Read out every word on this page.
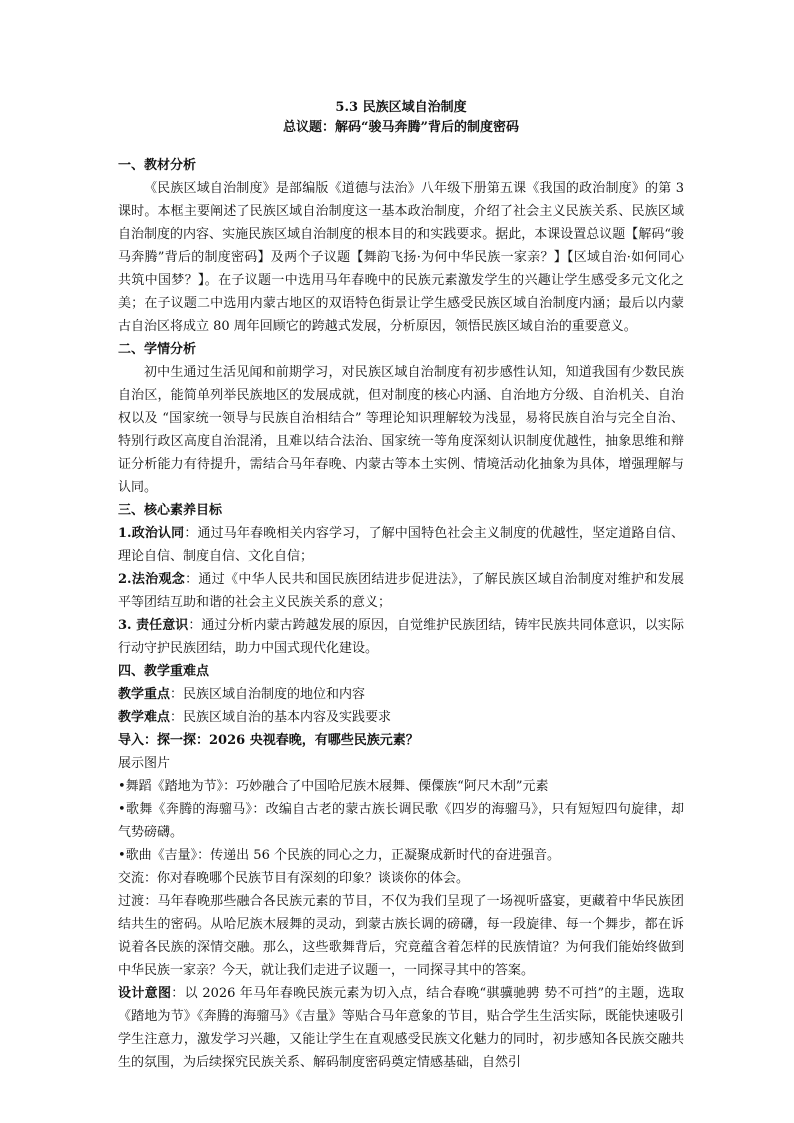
5.3 民族区域自治制度
总议题：解码“骏马奔腾”背后的制度密码
一、教材分析

《民族区域自治制度》是部编版《道德与法治》八年级下册第五课《我国的政治制度》的第 3 课时。本框主要阐述了民族区域自治制度这一基本政治制度，介绍了社会主义民族关系、民族区域自治制度的内容、实施民族区域自治制度的根本目的和实践要求。据此，本课设置总议题【解码“骏马奔腾”背后的制度密码】及两个子议题【舞韵飞扬·为何中华民族一家亲？】【区域自治·如何同心共筑中国梦？】。在子议题一中选用马年春晚中的民族元素激发学生的兴趣让学生感受多元文化之美；在子议题二中选用内蒙古地区的双语特色街景让学生感受民族区域自治制度内涵；最后以内蒙古自治区将成立 80 周年回顾它的跨越式发展，分析原因，领悟民族区域自治的重要意义。

二、学情分析

初中生通过生活见闻和前期学习，对民族区域自治制度有初步感性认知，知道我国有少数民族自治区，能简单列举民族地区的发展成就，但对制度的核心内涵、自治地方分级、自治机关、自治权以及 “国家统一领导与民族自治相结合” 等理论知识理解较为浅显，易将民族自治与完全自治、特别行政区高度自治混淆，且难以结合法治、国家统一等角度深刻认识制度优越性，抽象思维和辩证分析能力有待提升，需结合马年春晚、内蒙古等本土实例、情境活动化抽象为具体，增强理解与认同。

三、核心素养目标

1.政治认同：通过马年春晚相关内容学习，了解中国特色社会主义制度的优越性，坚定道路自信、理论自信、制度自信、文化自信；

2.法治观念：通过《中华人民共和国民族团结进步促进法》，了解民族区域自治制度对维护和发展平等团结互助和谐的社会主义民族关系的意义；

3. 责任意识：通过分析内蒙古跨越发展的原因，自觉维护民族团结，铸牢民族共同体意识，以实际行动守护民族团结，助力中国式现代化建设。

四、教学重难点

教学重点：民族区域自治制度的地位和内容

教学难点：民族区域自治的基本内容及实践要求

导入：探一探：2026 央视春晚，有哪些民族元素？

展示图片

•舞蹈《踏地为节》：巧妙融合了中国哈尼族木屐舞、傈僳族“阿尺木刮”元素

•歌舞《奔腾的海骝马》：改编自古老的蒙古族长调民歌《四岁的海骝马》，只有短短四句旋律，却气势磅礴。

•歌曲《吉量》：传递出 56 个民族的同心之力，正凝聚成新时代的奋进强音。

交流：你对春晚哪个民族节目有深刻的印象？谈谈你的体会。

过渡：马年春晚那些融合各民族元素的节目，不仅为我们呈现了一场视听盛宴，更藏着中华民族团结共生的密码。从哈尼族木屐舞的灵动，到蒙古族长调的磅礴，每一段旋律、每一个舞步，都在诉说着各民族的深情交融。那么，这些歌舞背后，究竟蕴含着怎样的民族情谊？为何我们能始终做到中华民族一家亲？今天，就让我们走进子议题一，一同探寻其中的答案。

设计意图：以 2026 年马年春晚民族元素为切入点，结合春晚“骐骥驰骋 势不可挡”的主题，选取《踏地为节》《奔腾的海骝马》《吉量》等贴合马年意象的节目，贴合学生生活实际，既能快速吸引学生注意力，激发学习兴趣，又能让学生在直观感受民族文化魅力的同时，初步感知各民族交融共生的氛围，为后续探究民族关系、解码制度密码奠定情感基础，自然引
